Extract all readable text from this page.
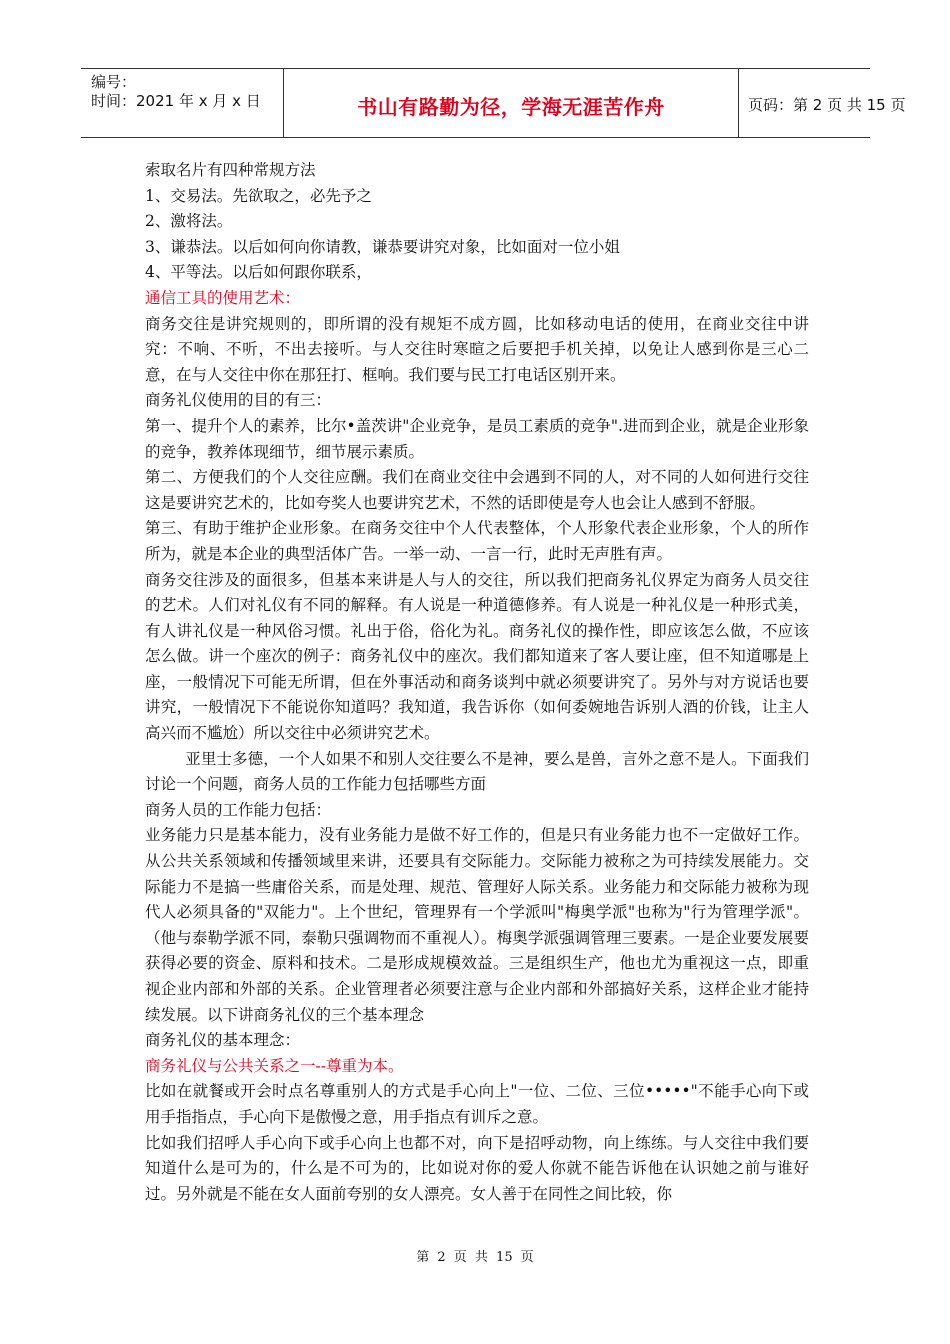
编号：
时间：2021 年 x 月 x 日	书山有路勤为径，学海无涯苦作舟	页码：第 2 页 共 15 页

索取名片有四种常规方法

1、交易法。先欲取之，必先予之

2、激将法。

3、谦恭法。以后如何向你请教，谦恭要讲究对象，比如面对一位小姐

4、平等法。以后如何跟你联系，

通信工具的使用艺术：

商务交往是讲究规则的，即所谓的没有规矩不成方圆，比如移动电话的使用，在商业交往中讲究：不响、不听，不出去接听。与人交往时寒暄之后要把手机关掉，以免让人感到你是三心二意，在与人交往中你在那狂打、框响。我们要与民工打电话区别开来。

商务礼仪使用的目的有三：

第一、提升个人的素养，比尔•盖茨讲"企业竞争，是员工素质的竞争".进而到企业，就是企业形象的竞争，教养体现细节，细节展示素质。

第二、方便我们的个人交往应酬。我们在商业交往中会遇到不同的人，对不同的人如何进行交往这是要讲究艺术的，比如夸奖人也要讲究艺术，不然的话即使是夸人也会让人感到不舒服。

第三、有助于维护企业形象。在商务交往中个人代表整体，个人形象代表企业形象，个人的所作所为，就是本企业的典型活体广告。一举一动、一言一行，此时无声胜有声。

商务交往涉及的面很多，但基本来讲是人与人的交往，所以我们把商务礼仪界定为商务人员交往的艺术。人们对礼仪有不同的解释。有人说是一种道德修养。有人说是一种礼仪是一种形式美，有人讲礼仪是一种风俗习惯。礼出于俗，俗化为礼。商务礼仪的操作性，即应该怎么做，不应该怎么做。讲一个座次的例子：商务礼仪中的座次。我们都知道来了客人要让座，但不知道哪是上座，一般情况下可能无所谓，但在外事活动和商务谈判中就必须要讲究了。另外与对方说话也要讲究，一般情况下不能说你知道吗？我知道，我告诉你（如何委婉地告诉别人酒的价钱，让主人高兴而不尴尬）所以交往中必须讲究艺术。

亚里士多德，一个人如果不和别人交往要么不是神，要么是兽，言外之意不是人。下面我们讨论一个问题，商务人员的工作能力包括哪些方面

商务人员的工作能力包括：

业务能力只是基本能力，没有业务能力是做不好工作的，但是只有业务能力也不一定做好工作。从公共关系领域和传播领域里来讲，还要具有交际能力。交际能力被称之为可持续发展能力。交际能力不是搞一些庸俗关系，而是处理、规范、管理好人际关系。业务能力和交际能力被称为现代人必须具备的"双能力"。上个世纪，管理界有一个学派叫"梅奥学派"也称为"行为管理学派"。（他与泰勒学派不同，泰勒只强调物而不重视人）。梅奥学派强调管理三要素。一是企业要发展要获得必要的资金、原料和技术。二是形成规模效益。三是组织生产，他也尤为重视这一点，即重视企业内部和外部的关系。企业管理者必须要注意与企业内部和外部搞好关系，这样企业才能持续发展。以下讲商务礼仪的三个基本理念

商务礼仪的基本理念：

商务礼仪与公共关系之一--尊重为本。

比如在就餐或开会时点名尊重别人的方式是手心向上"一位、二位、三位•••••"不能手心向下或用手指指点，手心向下是傲慢之意，用手指点有训斥之意。

比如我们招呼人手心向下或手心向上也都不对，向下是招呼动物，向上练练。与人交往中我们要知道什么是可为的，什么是不可为的，比如说对你的爱人你就不能告诉他在认识她之前与谁好过。另外就是不能在女人面前夸别的女人漂亮。女人善于在同性之间比较，你

第 2 页 共 15 页
